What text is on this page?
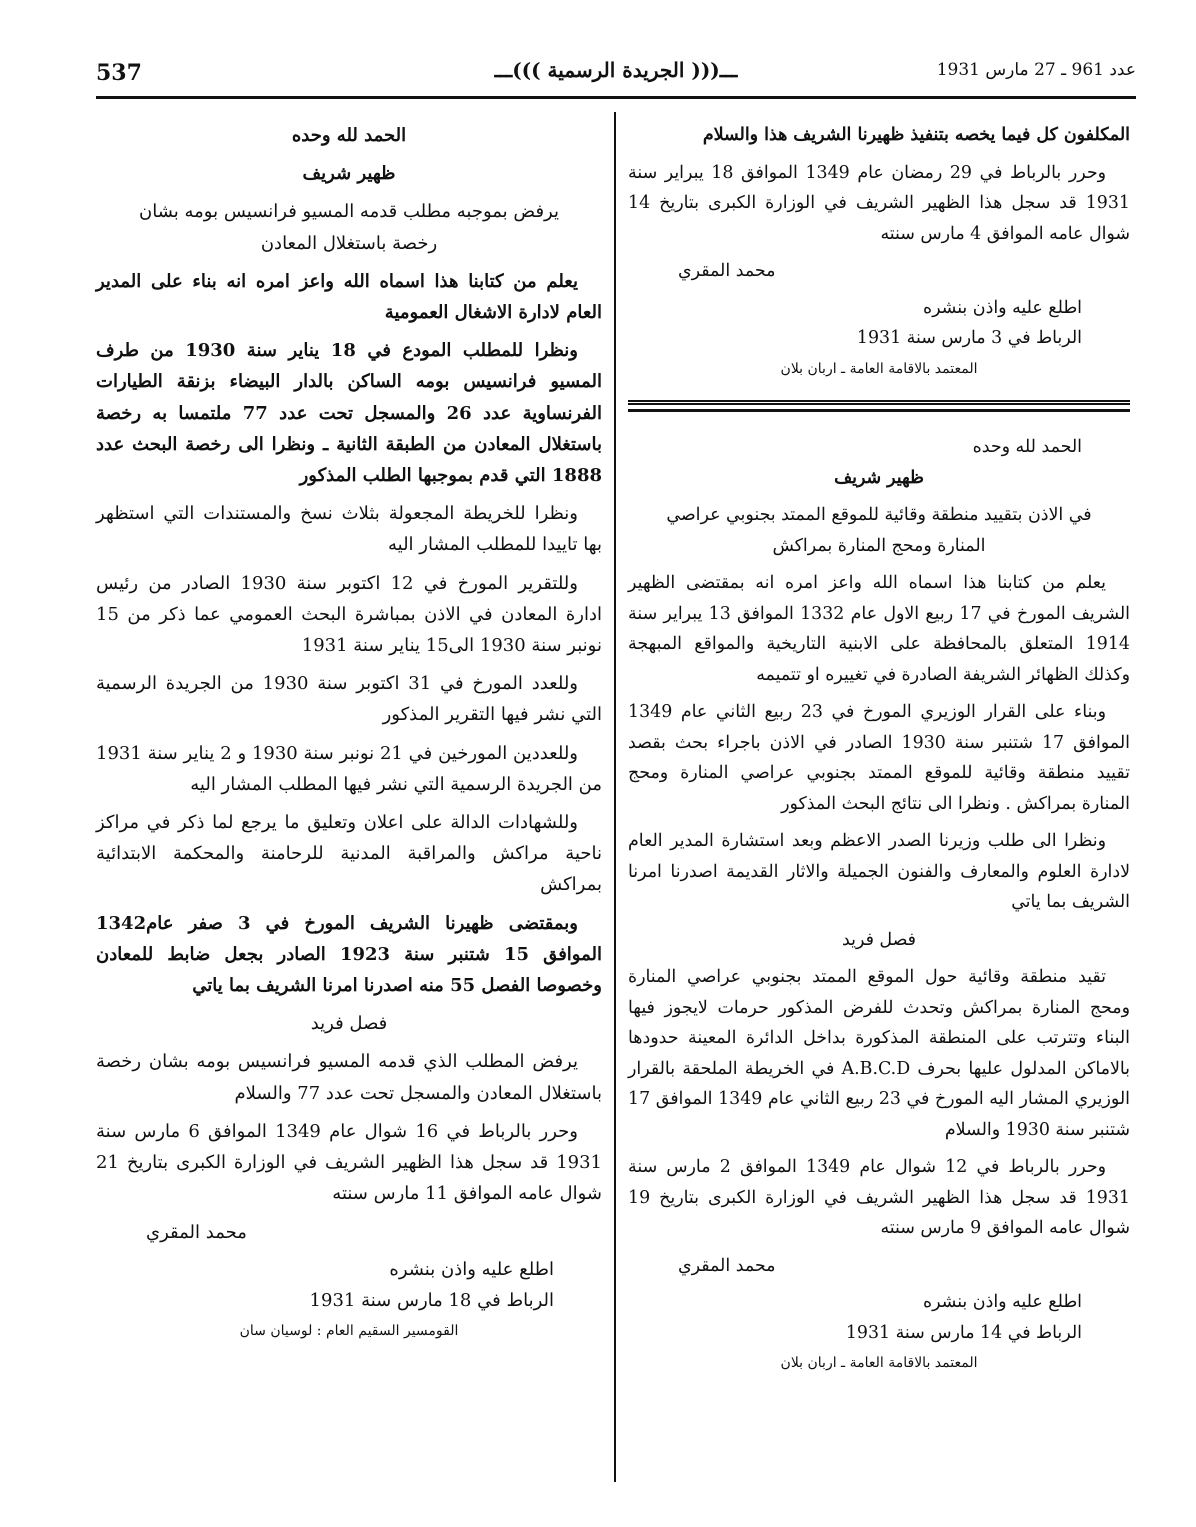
537	ـــ((( الجريدة الرسمية )))ـــ	عدد 961 ـ 27 مارس 1931

المكلفون كل فيما يخصه بتنفيذ ظهيرنا الشريف هذا والسلام

وحرر بالرباط في 29 رمضان عام 1349 الموافق 18 يبراير سنة 1931 قد سجل هذا الظهير الشريف في الوزارة الكبرى بتاريخ 14 شوال عامه الموافق 4 مارس سنته

محمد المقري

اطلع عليه واذن بنشره

الرباط في 3 مارس سنة 1931

المعتمد بالاقامة العامة ـ اربان بلان

الحمد لله وحده

ظهير شريف

في الاذن بتقييد منطقة وقائية للموقع الممتد بجنوبي عراصي المنارة ومحج المنارة بمراكش

يعلم من كتابنا هذا اسماه الله واعز امره انه بمقتضى الظهير الشريف المورخ في 17 ربيع الاول عام 1332 الموافق 13 يبراير سنة 1914 المتعلق بالمحافظة على الابنية التاريخية والمواقع المبهجة وكذلك الظهائر الشريفة الصادرة في تغييره او تتميمه

وبناء على القرار الوزيري المورخ في 23 ربيع الثاني عام 1349 الموافق 17 شتنبر سنة 1930 الصادر في الاذن باجراء بحث بقصد تقييد منطقة وقائية للموقع الممتد بجنوبي عراصي المنارة ومحج المنارة بمراكش . ونظرا الى نتائج البحث المذكور

ونظرا الى طلب وزيرنا الصدر الاعظم وبعد استشارة المدير العام لادارة العلوم والمعارف والفنون الجميلة والاثار القديمة اصدرنا امرنا الشريف بما ياتي

فصل فريد

تقيد منطقة وقائية حول الموقع الممتد بجنوبي عراصي المنارة ومحج المنارة بمراكش وتحدث للفرض المذكور حرمات لايجوز فيها البناء وتترتب على المنطقة المذكورة بداخل الدائرة المعينة حدودها بالاماكن المدلول عليها بحرف A.B.C.D في الخريطة الملحقة بالقرار الوزيري المشار اليه المورخ في 23 ربيع الثاني عام 1349 الموافق 17 شتنبر سنة 1930 والسلام

وحرر بالرباط في 12 شوال عام 1349 الموافق 2 مارس سنة 1931 قد سجل هذا الظهير الشريف في الوزارة الكبرى بتاريخ 19 شوال عامه الموافق 9 مارس سنته

محمد المقري

اطلع عليه واذن بنشره

الرباط في 14 مارس سنة 1931

المعتمد بالاقامة العامة ـ اربان بلان

الحمد لله وحده

ظهير شريف

يرفض بموجبه مطلب قدمه المسيو فرانسيس بومه بشان رخصة باستغلال المعادن

يعلم من كتابنا هذا اسماه الله واعز امره انه بناء على المدير العام لادارة الاشغال العمومية

ونظرا للمطلب المودع في 18 يناير سنة 1930 من طرف المسيو فرانسيس بومه الساكن بالدار البيضاء بزنقة الطيارات الفرنساوية عدد 26 والمسجل تحت عدد 77 ملتمسا به رخصة باستغلال المعادن من الطبقة الثانية ـ ونظرا الى رخصة البحث عدد 1888 التي قدم بموجبها الطلب المذكور

ونظرا للخريطة المجعولة بثلاث نسخ والمستندات التي استظهر بها تاييدا للمطلب المشار اليه

وللتقرير المورخ في 12 اكتوبر سنة 1930 الصادر من رئيس ادارة المعادن في الاذن بمباشرة البحث العمومي عما ذكر من 15 نونبر سنة 1930 الى15 يناير سنة 1931

وللعدد المورخ في 31 اكتوبر سنة 1930 من الجريدة الرسمية التي نشر فيها التقرير المذكور

وللعددين المورخين في 21 نونبر سنة 1930 و 2 يناير سنة 1931 من الجريدة الرسمية التي نشر فيها المطلب المشار اليه

وللشهادات الدالة على اعلان وتعليق ما يرجع لما ذكر في مراكز ناحية مراكش والمراقبة المدنية للرحامنة والمحكمة الابتدائية بمراكش

وبمقتضى ظهيرنا الشريف المورخ في 3 صفر عام1342 الموافق 15 شتنبر سنة 1923 الصادر بجعل ضابط للمعادن وخصوصا الفصل 55 منه اصدرنا امرنا الشريف بما ياتي

فصل فريد

يرفض المطلب الذي قدمه المسيو فرانسيس بومه بشان رخصة باستغلال المعادن والمسجل تحت عدد 77 والسلام

وحرر بالرباط في 16 شوال عام 1349 الموافق 6 مارس سنة 1931 قد سجل هذا الظهير الشريف في الوزارة الكبرى بتاريخ 21 شوال عامه الموافق 11 مارس سنته

محمد المقري

اطلع عليه واذن بنشره

الرباط في 18 مارس سنة 1931

القومسير السقيم العام : لوسيان سان
